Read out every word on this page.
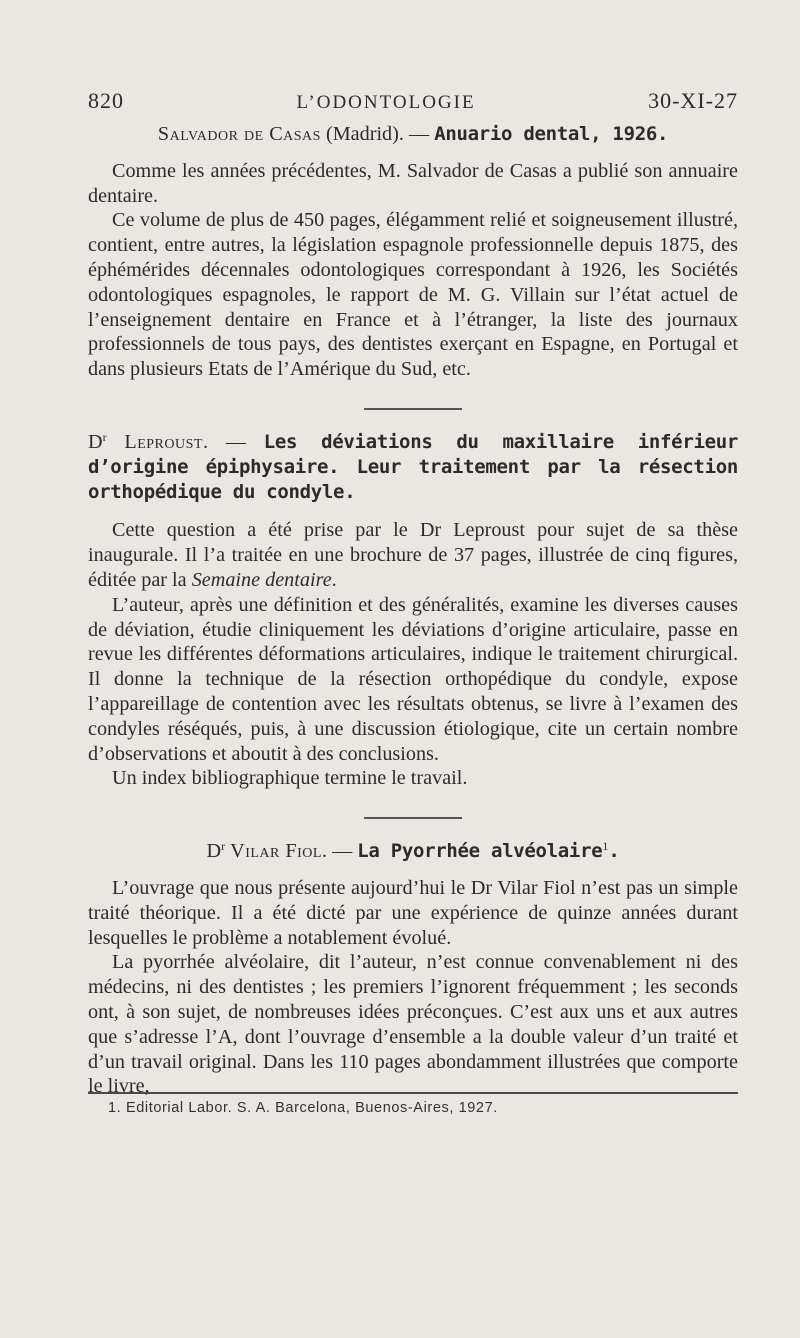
820	L’ODONTOLOGIE	30-XI-27

Salvador de Casas (Madrid). — Anuario dental, 1926.

Comme les années précédentes, M. Salvador de Casas a publié son annuaire dentaire.

Ce volume de plus de 450 pages, élégamment relié et soigneusement illustré, contient, entre autres, la législation espagnole professionnelle depuis 1875, des éphémérides décennales odontologiques correspondant à 1926, les Sociétés odontologiques espagnoles, le rapport de M. G. Villain sur l’état actuel de l’enseignement dentaire en France et à l’étranger, la liste des journaux professionnels de tous pays, des dentistes exerçant en Espagne, en Portugal et dans plusieurs Etats de l’Amérique du Sud, etc.

$D^r$ Leproust. — Les déviations du maxillaire inférieur d’origine épiphysaire. Leur traitement par la résection orthopédique du condyle.

Cette question a été prise par le Dr Leproust pour sujet de sa thèse inaugurale. Il l’a traitée en une brochure de 37 pages, illustrée de cinq figures, éditée par la Semaine dentaire.

L’auteur, après une définition et des généralités, examine les diverses causes de déviation, étudie cliniquement les déviations d’origine articulaire, passe en revue les différentes déformations articulaires, indique le traitement chirurgical. Il donne la technique de la résection orthopédique du condyle, expose l’appareillage de contention avec les résultats obtenus, se livre à l’examen des condyles réséqués, puis, à une discussion étiologique, cite un certain nombre d’observations et aboutit à des conclusions.

Un index bibliographique termine le travail.

$D^r$ Vilar Fiol. — La Pyorrhée alvéolaire$^1$.

L’ouvrage que nous présente aujourd’hui le Dr Vilar Fiol n’est pas un simple traité théorique. Il a été dicté par une expérience de quinze années durant lesquelles le problème a notablement évolué.

La pyorrhée alvéolaire, dit l’auteur, n’est connue convenablement ni des médecins, ni des dentistes ; les premiers l’ignorent fréquemment ; les seconds ont, à son sujet, de nombreuses idées préconçues. C’est aux uns et aux autres que s’adresse l’A, dont l’ouvrage d’ensemble a la double valeur d’un traité et d’un travail original. Dans les 110 pages abondamment illustrées que comporte le livre,

1. Editorial Labor. S. A. Barcelona, Buenos-Aires, 1927.
